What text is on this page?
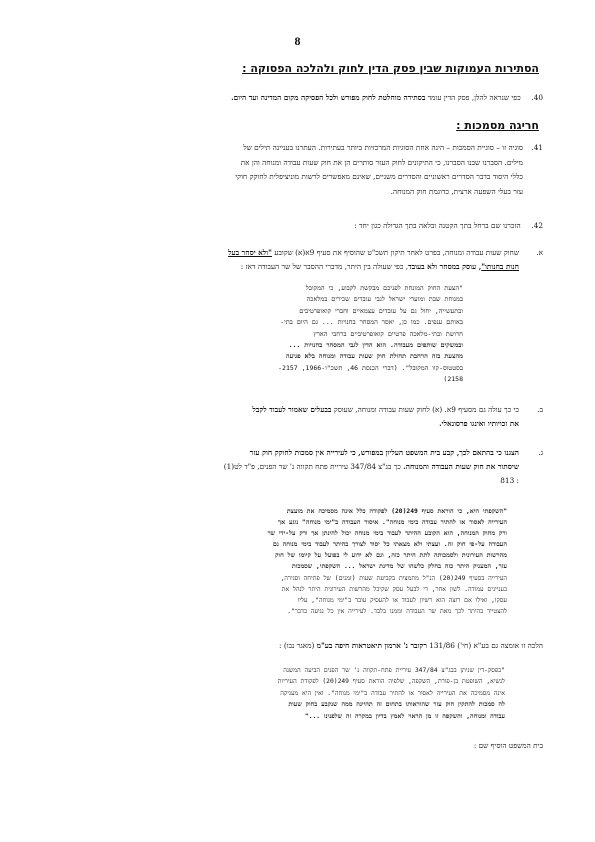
8
הסתירות העמוקות שבין פסק הדין לחוק ולהלכה הפסוקה :
40. כפי שנראה להלן, פסק הדין עומד בסתירה מוחלטת לחוק מפורש ולכל הפסיקה מקום המדינה ועד היום.
חריגה מסמכות :
41.סוגיה זו – סוגיית הסמכות – הינה אחת הסוגיות המרכזיות ביותר בעתירות. העתרנו בעניינה תילים של
מילים. הסברנו שבנו הסברנו, כי התיקונים לחוק העזר סותרים הן את חוק שעות עבודה ומנוחה והן את
כללי היסוד בדבר הסדרים ראשוניים והסדרים משניים, שאינם מאפשרים לרשות מוניציפלית לחוקק חוקי
עזר בעלי השפעה ארצית, כדוגמת חוק המנוחה.
42. הזכרנו שם ברחל בתך הקטנה ובלאה בתך הגדולה כגון יחד :
א.
שחוק שעות עבודה ומנוחה, בפרט לאחר תיקון תשכ"ט שהוסיף את סעיף 9א(א) שקובע "ולא יסחר בעל
חנות בחנותו", עוסק במסחר ולא בעובד, כפי שעולה בין היתר, מדברי ההסבר של שר העבודה דאז :
"הצעת החוק המונחת לפניכם מבקשת לקבוע, כי המקובל
במנוחת שבת ומועדי ישראל לגבי עובדים שכירים במלאכה
ובתעשייה, יחול גם על עובדים עצמאיים וחברי קואופרטיבים
באותם ענפים. כמו כן, יאסר המסחר בחנויות ... גם היום בתי-
חרושת ובתי-מלאכה פרטיים קואופרטיביים ברחבי הארץ
ובמשקים שותפים מעבודה. הוא הדין לגבי המסחר בחנויות ...
מהצעת בזה הרחבת תחולת חוק שעות עבודה ומנוחה בלא פגיעה
בסטטוס-קוו המקובל". (דברי הכנסת 46, תשכ"ו-1966, 2157-
2158)
ב.
כי כך עולה גם מסעיף 9א. (א) לחוק שעות עבודה ומנוחה, שעוסק בבעלים שאמור לעבוד לקבל
את זכויותיו ואינגו פרסונאלי.
ג.
הצגנו כי בהתאם לכך, קבע בית המשפט העליון במפורש, כי לעירייה אין סמכות לחוקק חוק עזר
שיסתור את חוק שעות העבודה והמנוחה. כך בג"צ 347/84 עיריית פתח תקווה נ' שר הפנים, פ"ד לט(1)
: 813
"השקפתי היא, כי הוראת סעיף 249(20) לפקודה כלל אינה מסמיכה את מועצת
העירייה לאסור או להתיר עבודה בימי מנוחה". איסור העבודה ב"ימי מנוחה" נוגע אך
ורק מחוק המנוחה, הוא הקובע ההיתר לעבוד בימי מנוחה יכול להינתן אך ורק על-ידי שר
העבודה על-פי חוק זה. ועצתי ולא מצאתי כל יסוד לצורך בהיתר לעבוד בימי מנוחה גם
מהרשות העירונית ולסמכותה לתת היתר כזה, וגם לא ידוע לי בפועל על קיומו של חוק
עזר, המעניק היתר כזה בחלק כלשהו של מדינת ישראל ... השקפתי, שסמכות
העירייה בסעיף 249(20) הנ"ל מתמצית בקביעת שעות (זמנים) של פתיחה וסגירה,
בעניינים עמודה. לשון אחר, די לבעל עסק שקיבל מהרשות העירונית היתר לנהל את
עסקו, ואילו אם רוצה הוא רשיון לעבוד או להעסיק עובד ב"ימי מנוחה", עליו
להצטייד בהיתר לכך מאת שר העבודה וממנו בלבד. לעירייה אין כל נגיעה בדבר".
הלכה זו אומצה גם בע"א (חי') 131/86 רקובר נ' ארמון תיאטראות חיפה בע"מ (מאגר נבו) :
"בפסק-דין שניתן בבג"צ 347/84 עיריית פתח-תקווה נ' שר הפנים הביעה המשנה
לנשיא, השופטת בן-פורת, השקפה, שלפיה הוראת סעיף 249(20) לפקודת העיריות
אינה מסמיכה את העירייה לאסור או להתיר עבודה ב"ימי מנוחה". ואין היא מעניקה
לה סמכות להתקין חוק עזר שהוראותו בתחום זה תהיינה ממה שנקבע בחוק שעות
עבודה ומנוחה, והשקפה זו מן הראוי לאמץ בדיון במקרה זה שלפנינו ..."
בית המשפט הוסיף שם :
